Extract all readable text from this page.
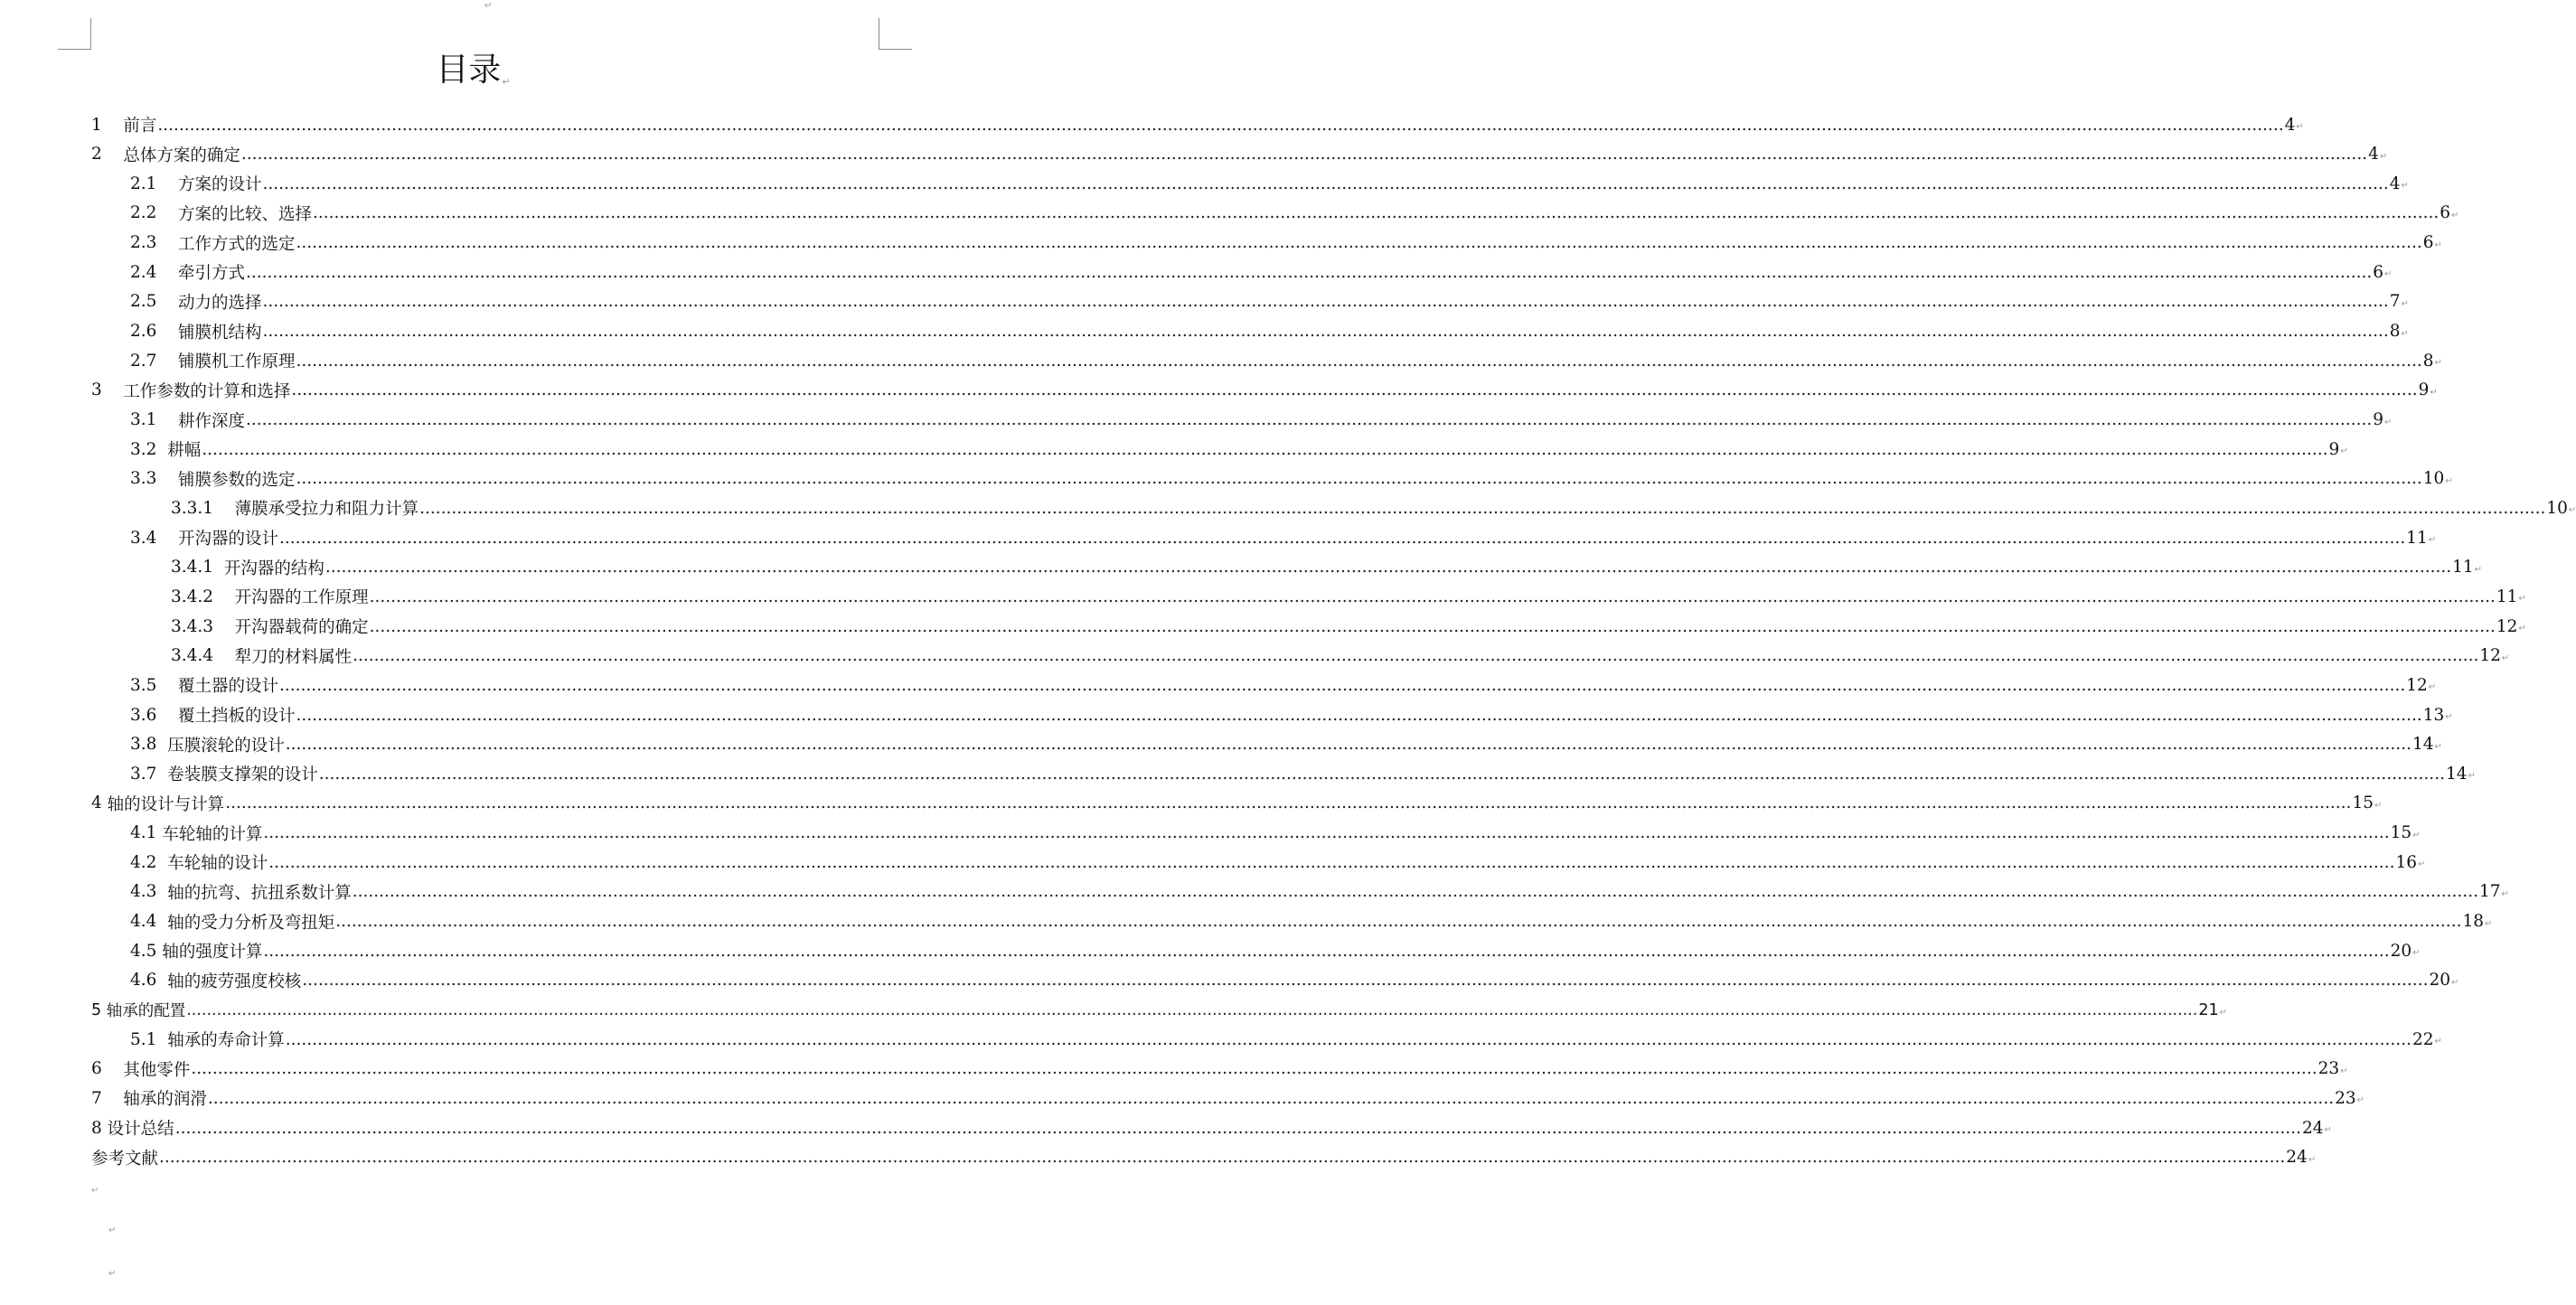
↵
目录↵
1
前言 ................................................................................................................................................................................................................................................................................................................................................................................................................ 4 ↵
2
总体方案的确定 ................................................................................................................................................................................................................................................................................................................................................................................................................ 4 ↵
2.1
方案的设计 ................................................................................................................................................................................................................................................................................................................................................................................................................ 4 ↵
2.2
方案的比较、选择 ................................................................................................................................................................................................................................................................................................................................................................................................................ 6 ↵
2.3
工作方式的选定 ................................................................................................................................................................................................................................................................................................................................................................................................................ 6 ↵
2.4
牵引方式 ................................................................................................................................................................................................................................................................................................................................................................................................................ 6 ↵
2.5
动力的选择 ................................................................................................................................................................................................................................................................................................................................................................................................................ 7 ↵
2.6
铺膜机结构 ................................................................................................................................................................................................................................................................................................................................................................................................................ 8 ↵
2.7
铺膜机工作原理 ................................................................................................................................................................................................................................................................................................................................................................................................................ 8 ↵
3
工作参数的计算和选择 ................................................................................................................................................................................................................................................................................................................................................................................................................ 9 ↵
3.1
耕作深度 ................................................................................................................................................................................................................................................................................................................................................................................................................ 9 ↵
3.2
耕幅 ................................................................................................................................................................................................................................................................................................................................................................................................................ 9 ↵
3.3
铺膜参数的选定 ................................................................................................................................................................................................................................................................................................................................................................................................................ 10 ↵
3.3.1
薄膜承受拉力和阻力计算 ................................................................................................................................................................................................................................................................................................................................................................................................................ 10 ↵
3.4
开沟器的设计 ................................................................................................................................................................................................................................................................................................................................................................................................................ 11 ↵
3.4.1
开沟器的结构 ................................................................................................................................................................................................................................................................................................................................................................................................................ 11 ↵
3.4.2
开沟器的工作原理 ................................................................................................................................................................................................................................................................................................................................................................................................................ 11 ↵
3.4.3
开沟器载荷的确定 ................................................................................................................................................................................................................................................................................................................................................................................................................ 12 ↵
3.4.4
犁刀的材料属性 ................................................................................................................................................................................................................................................................................................................................................................................................................ 12 ↵
3.5
覆土器的设计 ................................................................................................................................................................................................................................................................................................................................................................................................................ 12 ↵
3.6
覆土挡板的设计 ................................................................................................................................................................................................................................................................................................................................................................................................................ 13 ↵
3.8
压膜滚轮的设计 ................................................................................................................................................................................................................................................................................................................................................................................................................ 14 ↵
3.7
卷装膜支撑架的设计 ................................................................................................................................................................................................................................................................................................................................................................................................................ 14 ↵
4
轴的设计与计算 ................................................................................................................................................................................................................................................................................................................................................................................................................ 15 ↵
4.1
车轮轴的计算 ................................................................................................................................................................................................................................................................................................................................................................................................................ 15 ↵
4.2
车轮轴的设计 ................................................................................................................................................................................................................................................................................................................................................................................................................ 16 ↵
4.3
轴的抗弯、抗扭系数计算 ................................................................................................................................................................................................................................................................................................................................................................................................................ 17 ↵
4.4
轴的受力分析及弯扭矩 ................................................................................................................................................................................................................................................................................................................................................................................................................ 18 ↵
4.5
轴的强度计算 ................................................................................................................................................................................................................................................................................................................................................................................................................ 20 ↵
4.6
轴的疲劳强度校核 ................................................................................................................................................................................................................................................................................................................................................................................................................ 20 ↵
5
轴承的配置 ................................................................................................................................................................................................................................................................................................................................................................................................................ 21 ↵
5.1
轴承的寿命计算 ................................................................................................................................................................................................................................................................................................................................................................................................................ 22 ↵
6
其他零件 ................................................................................................................................................................................................................................................................................................................................................................................................................ 23 ↵
7
轴承的润滑 ................................................................................................................................................................................................................................................................................................................................................................................................................ 23 ↵
8
设计总结 ................................................................................................................................................................................................................................................................................................................................................................................................................ 24 ↵
参考文献 ................................................................................................................................................................................................................................................................................................................................................................................................................ 24 ↵
↵
↵
↵
